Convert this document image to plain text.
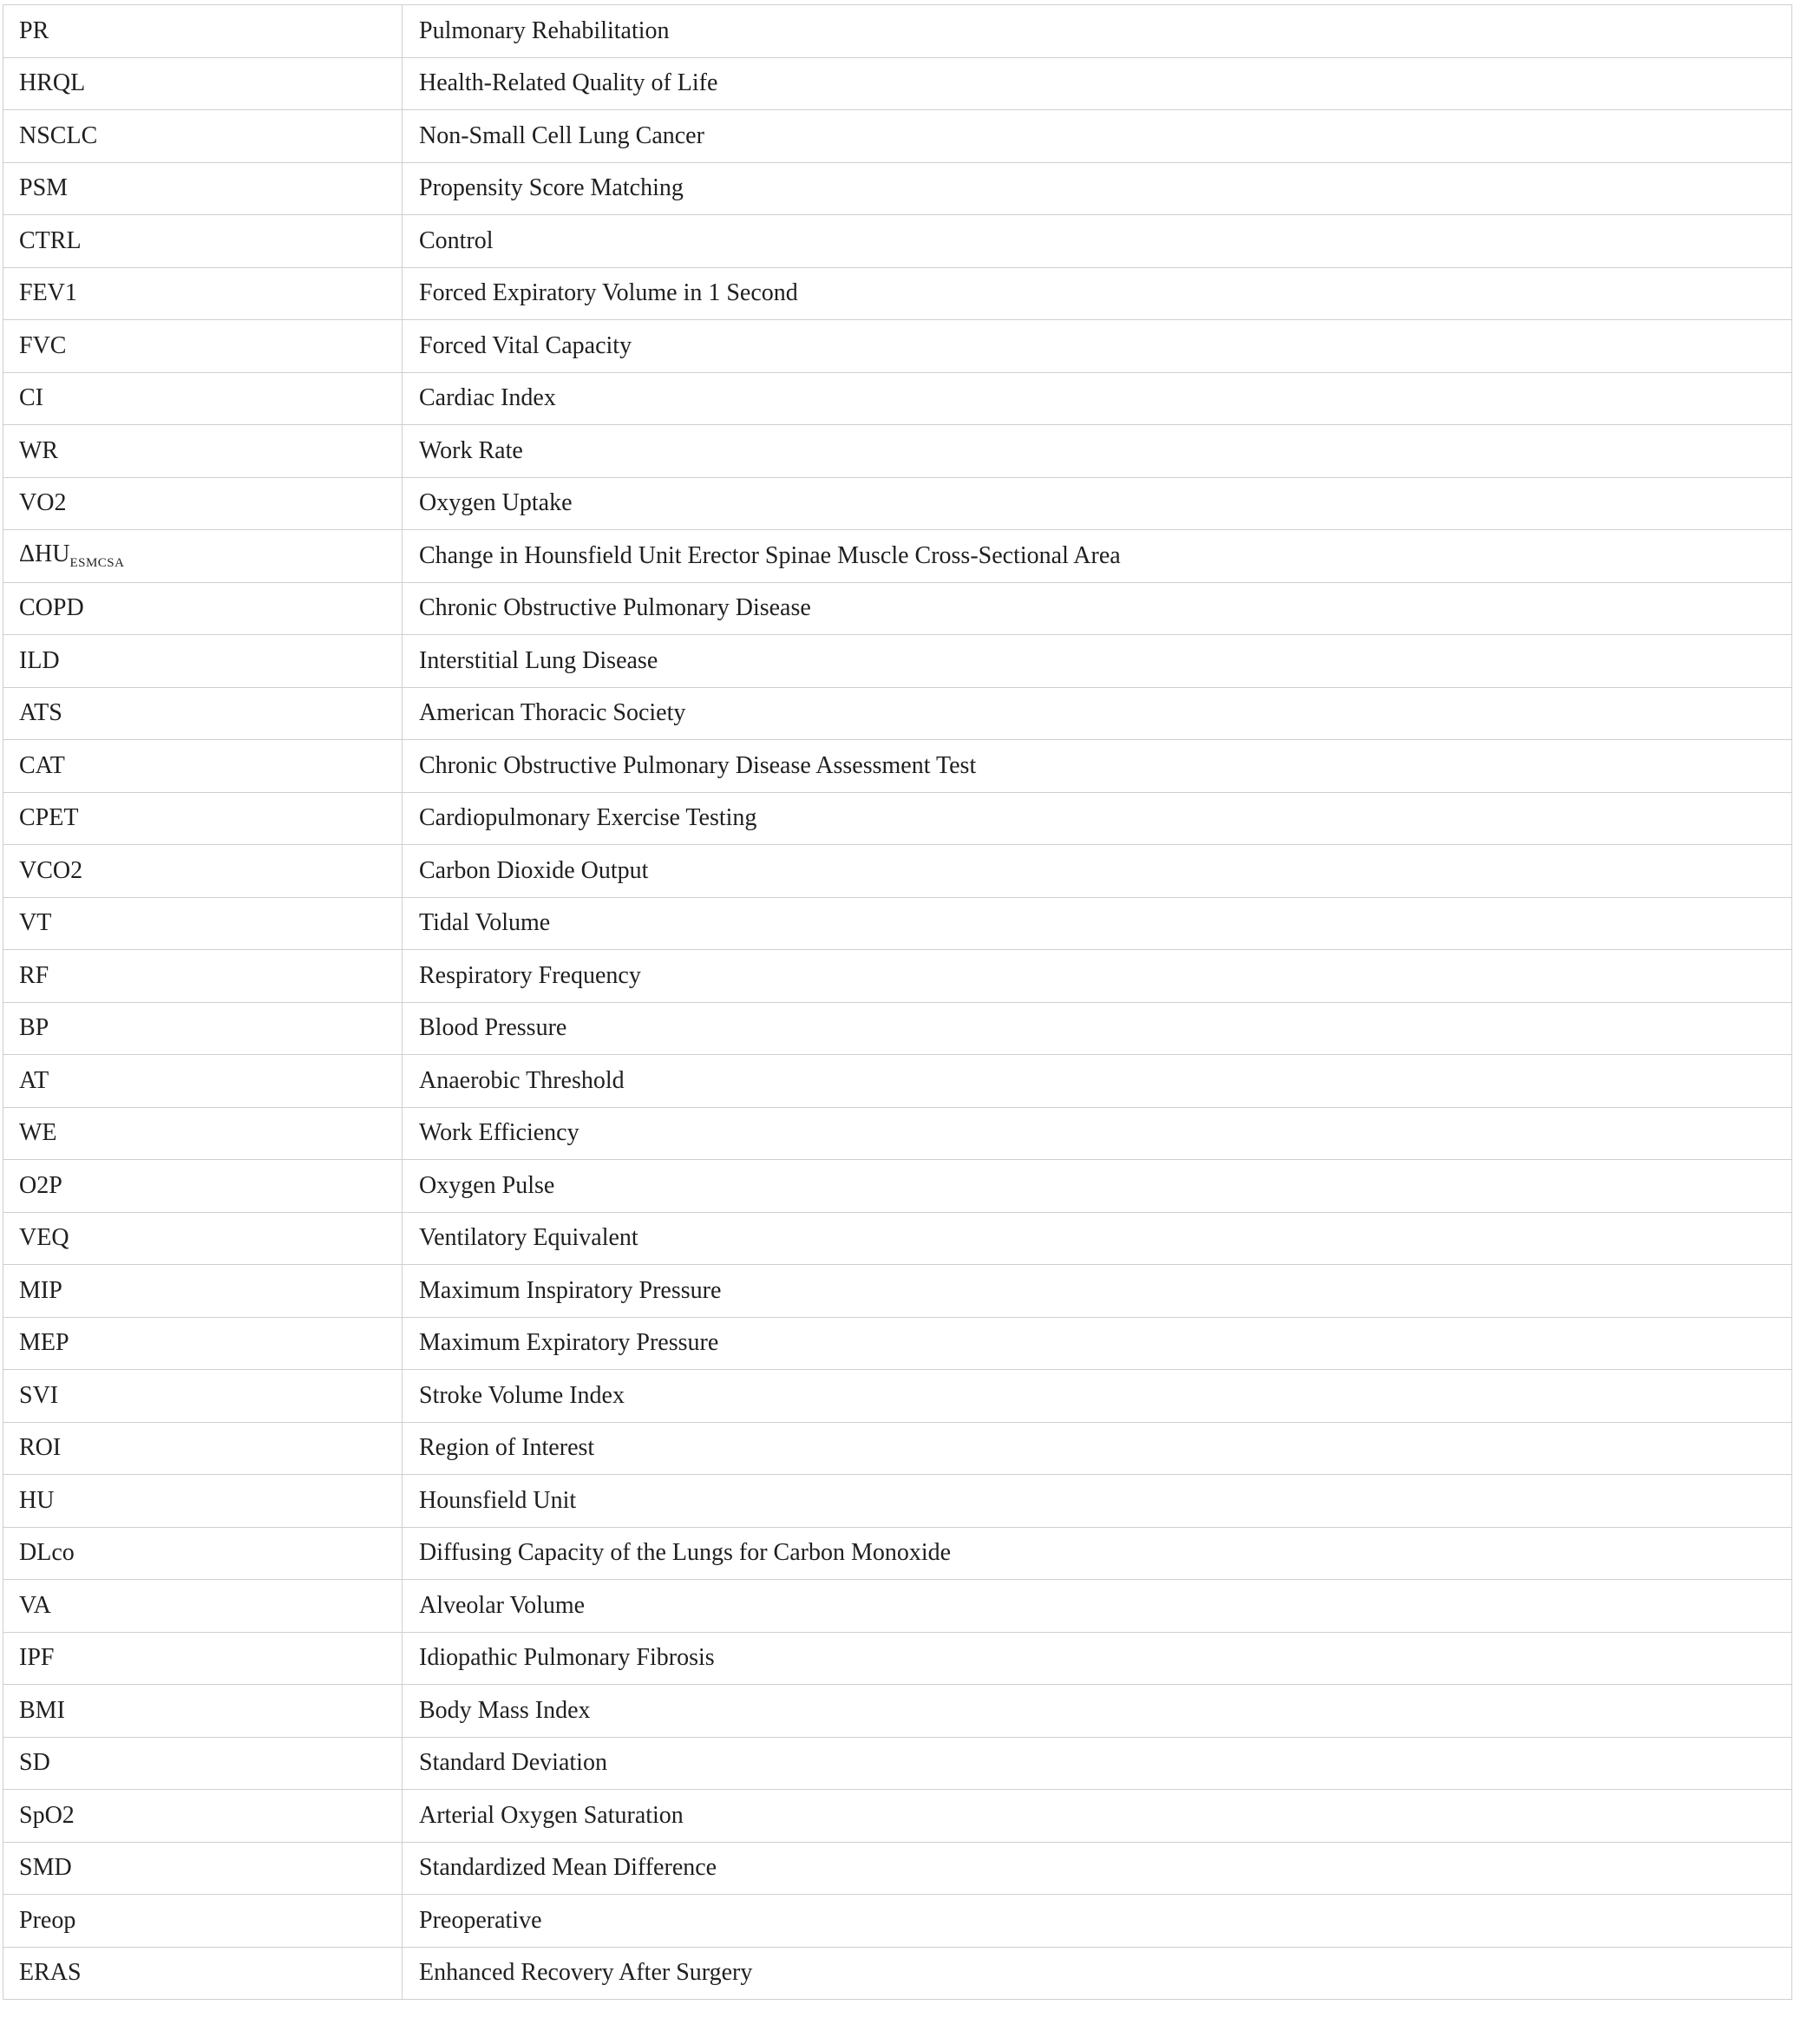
PR	Pulmonary Rehabilitation
HRQL	Health-Related Quality of Life
NSCLC	Non-Small Cell Lung Cancer
PSM	Propensity Score Matching
CTRL	Control
FEV1	Forced Expiratory Volume in 1 Second
FVC	Forced Vital Capacity
CI	Cardiac Index
WR	Work Rate
VO2	Oxygen Uptake
$\Delta HU_{ESMCSA}$	Change in Hounsfield Unit Erector Spinae Muscle Cross-Sectional Area
COPD	Chronic Obstructive Pulmonary Disease
ILD	Interstitial Lung Disease
ATS	American Thoracic Society
CAT	Chronic Obstructive Pulmonary Disease Assessment Test
CPET	Cardiopulmonary Exercise Testing
VCO2	Carbon Dioxide Output
VT	Tidal Volume
RF	Respiratory Frequency
BP	Blood Pressure
AT	Anaerobic Threshold
WE	Work Efficiency
O2P	Oxygen Pulse
VEQ	Ventilatory Equivalent
MIP	Maximum Inspiratory Pressure
MEP	Maximum Expiratory Pressure
SVI	Stroke Volume Index
ROI	Region of Interest
HU	Hounsfield Unit
DLco	Diffusing Capacity of the Lungs for Carbon Monoxide
VA	Alveolar Volume
IPF	Idiopathic Pulmonary Fibrosis
BMI	Body Mass Index
SD	Standard Deviation
SpO2	Arterial Oxygen Saturation
SMD	Standardized Mean Difference
Preop	Preoperative
ERAS	Enhanced Recovery After Surgery
